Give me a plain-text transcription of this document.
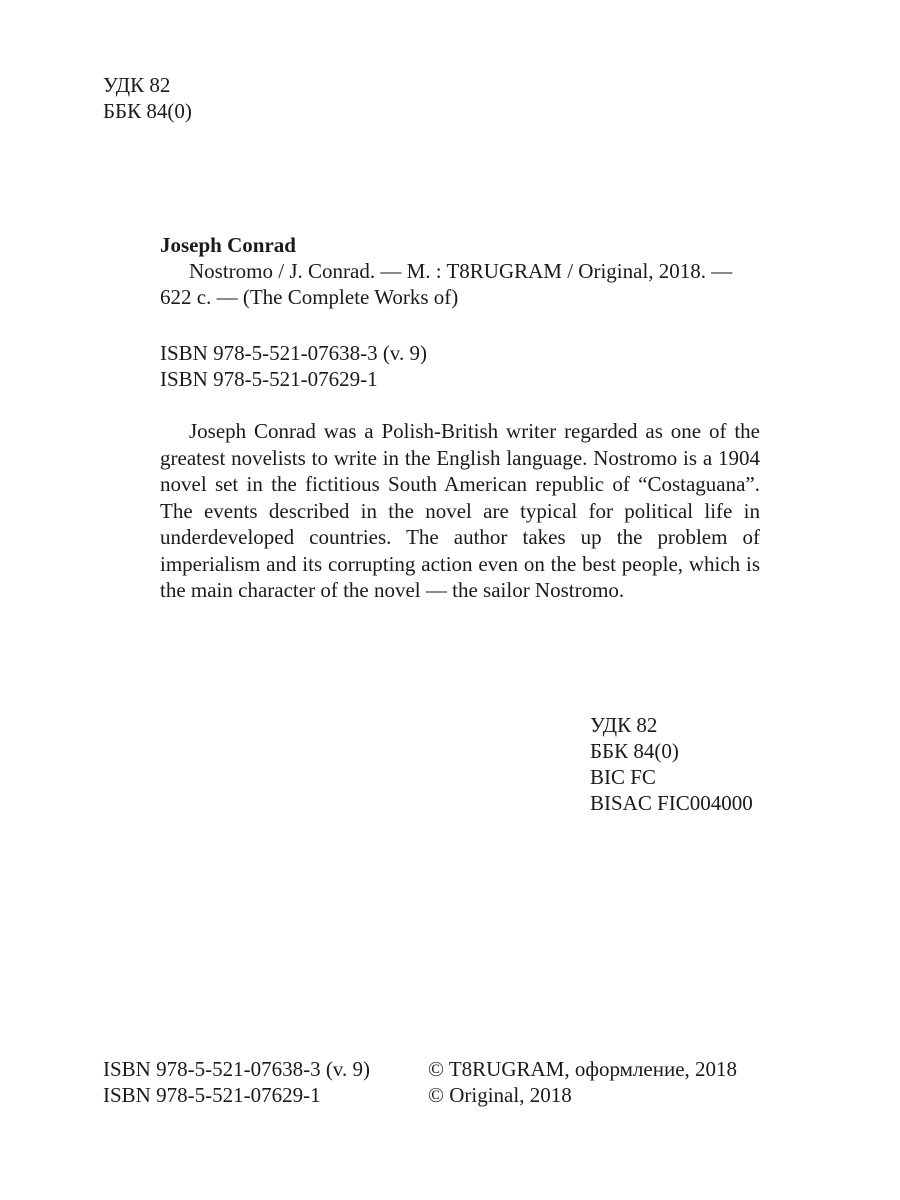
УДК 82
ББК 84(0)
Joseph Conrad
Nostromo / J. Conrad. — M. : T8RUGRAM / Original, 2018. —
622 c. — (The Complete Works of)
ISBN 978-5-521-07638-3 (v. 9)
ISBN 978-5-521-07629-1
Joseph Conrad was a Polish-British writer regarded as one of the greatest novelists to write in the English language. Nostromo is a 1904 novel set in the fictitious South American republic of “Costaguana”. The events described in the novel are typical for political life in underdeveloped countries. The author takes up the problem of imperialism and its corrupting action even on the best people, which is the main character of the novel — the sailor Nostromo.
УДК 82
ББК 84(0)
BIC FC
BISAC FIC004000
ISBN 978-5-521-07638-3 (v. 9)
ISBN 978-5-521-07629-1
© T8RUGRAM, оформление, 2018
© Original, 2018
